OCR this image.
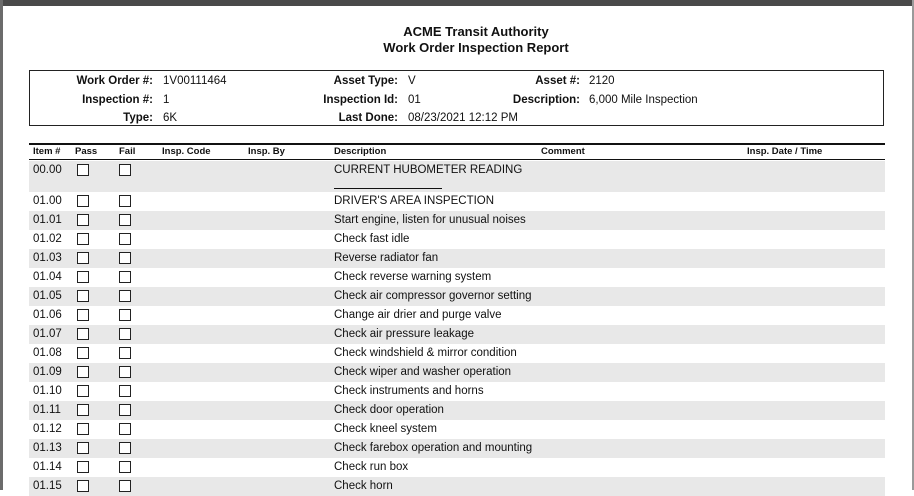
ACME Transit Authority
Work Order Inspection Report
Work Order #: 1V00111464
Inspection #: 1
Type: 6K
Asset Type: V
Inspection Id: 01
Last Done: 08/23/2021 12:12 PM
Asset #: 2120
Description: 6,000 Mile Inspection
Item # Pass Fail	Insp. Code	Insp. By	Description	Comment	Insp. Date / Time
00.00	CURRENT HUBOMETER READING
01.00	DRIVER'S AREA INSPECTION
01.01	Start engine, listen for unusual noises
01.02	Check fast idle
01.03	Reverse radiator fan
01.04	Check reverse warning system
01.05	Check air compressor governor setting
01.06	Change air drier and purge valve
01.07	Check air pressure leakage
01.08	Check windshield & mirror condition
01.09	Check wiper and washer operation
01.10	Check instruments and horns
01.11	Check door operation
01.12	Check kneel system
01.13	Check farebox operation and mounting
01.14	Check run box
01.15	Check horn
